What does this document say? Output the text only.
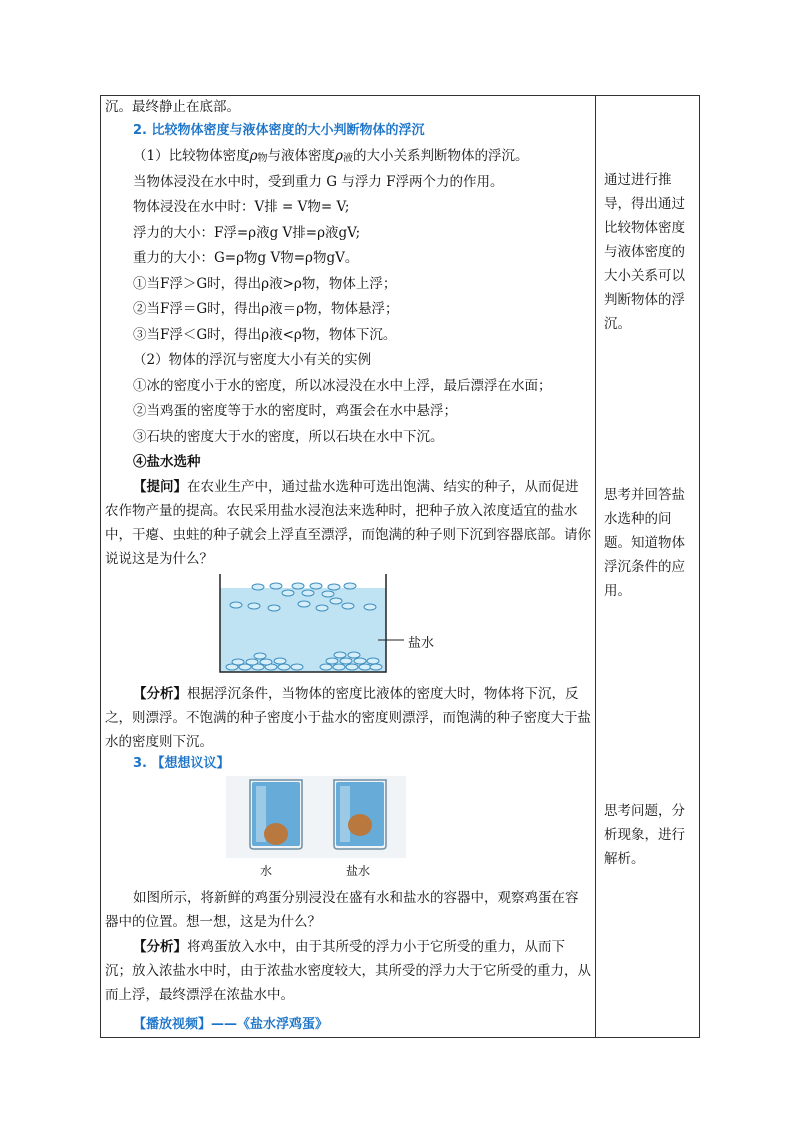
沉。最终静止在底部。
2. 比较物体密度与液体密度的大小判断物体的浮沉
（1）比较物体密度ρ物与液体密度ρ液的大小关系判断物体的浮沉。
当物体浸没在水中时，受到重力 G 与浮力 F浮两个力的作用。
物体浸没在水中时：V排 = V物= V;
浮力的大小：F浮=ρ液g V排=ρ液gV;
重力的大小：G=ρ物g V物=ρ物gV。
①当F浮＞G时，得出ρ液>ρ物，物体上浮；
②当F浮＝G时，得出ρ液＝ρ物，物体悬浮；
③当F浮＜G时，得出ρ液<ρ物，物体下沉。
（2）物体的浮沉与密度大小有关的实例
①冰的密度小于水的密度，所以冰浸没在水中上浮，最后漂浮在水面；
②当鸡蛋的密度等于水的密度时，鸡蛋会在水中悬浮；
③石块的密度大于水的密度，所以石块在水中下沉。
④盐水选种
【提问】在农业生产中，通过盐水选种可选出饱满、结实的种子，从而促进农作物产量的提高。农民采用盐水浸泡法来选种时，把种子放入浓度适宜的盐水中，干瘪、虫蛀的种子就会上浮直至漂浮，而饱满的种子则下沉到容器底部。请你说说这是为什么？
【分析】根据浮沉条件，当物体的密度比液体的密度大时，物体将下沉，反之，则漂浮。不饱满的种子密度小于盐水的密度则漂浮，而饱满的种子密度大于盐水的密度则下沉。
3. 【想想议议】
如图所示，将新鲜的鸡蛋分别浸没在盛有水和盐水的容器中，观察鸡蛋在容器中的位置。想一想，这是为什么？
【分析】将鸡蛋放入水中，由于其所受的浮力小于它所受的重力，从而下沉；放入浓盐水中时，由于浓盐水密度较大，其所受的浮力大于它所受的重力，从而上浮，最终漂浮在浓盐水中。
【播放视频】——《盐水浮鸡蛋》
盐水
水	盐水
通过进行推导，得出通过比较物体密度与液体密度的大小关系可以判断物体的浮沉。
思考并回答盐水选种的问题。知道物体浮沉条件的应用。
思考问题，分析现象，进行解析。
